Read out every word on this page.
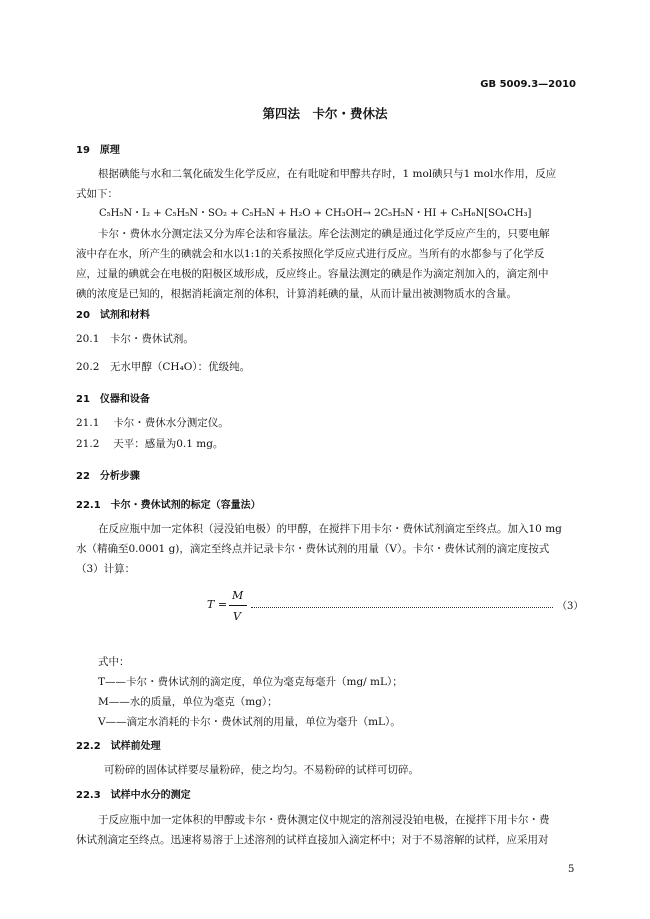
GB 5009.3—2010
第四法　卡尔・费休法
19　原理
根据碘能与水和二氧化硫发生化学反应，在有吡啶和甲醇共存时，1 mol碘只与1 mol水作用，反应
式如下：
C₅H₅N・I₂ + C₅H₅N・SO₂ + C₅H₅N + H₂O + CH₃OH→ 2C₅H₅N・HI + C₅H₆N[SO₄CH₃]
卡尔・费休水分测定法又分为库仑法和容量法。库仑法测定的碘是通过化学反应产生的，只要电解
液中存在水，所产生的碘就会和水以1:1的关系按照化学反应式进行反应。当所有的水都参与了化学反
应，过量的碘就会在电极的阳极区域形成，反应终止。容量法测定的碘是作为滴定剂加入的，滴定剂中
碘的浓度是已知的，根据消耗滴定剂的体积，计算消耗碘的量，从而计量出被测物质水的含量。
20　试剂和材料
20.1　卡尔・费休试剂。
20.2　无水甲醇（CH₄O）：优级纯。
21　仪器和设备
21.1　 卡尔・费休水分测定仪。
21.2　 天平：感量为0.1 mg。
22　分析步骤
22.1　卡尔・费休试剂的标定（容量法）
在反应瓶中加一定体积（浸没铂电极）的甲醇，在搅拌下用卡尔・费休试剂滴定至终点。加入10 mg
水（精确至0.0001 g)，滴定至终点并记录卡尔・费休试剂的用量（V）。卡尔・费休试剂的滴定度按式
（3）计算：
T =
M
V
（3）
式中：
T——卡尔・费休试剂的滴定度，单位为毫克每毫升（mg/ mL）；
M——水的质量，单位为毫克（mg）；
V——滴定水消耗的卡尔・费休试剂的用量，单位为毫升（mL）。
22.2　试样前处理
可粉碎的固体试样要尽量粉碎，使之均匀。不易粉碎的试样可切碎。
22.3　试样中水分的测定
于反应瓶中加一定体积的甲醇或卡尔・费休测定仪中规定的溶剂浸没铂电极，在搅拌下用卡尔・费
休试剂滴定至终点。迅速将易溶于上述溶剂的试样直接加入滴定杯中；对于不易溶解的试样，应采用对
5
